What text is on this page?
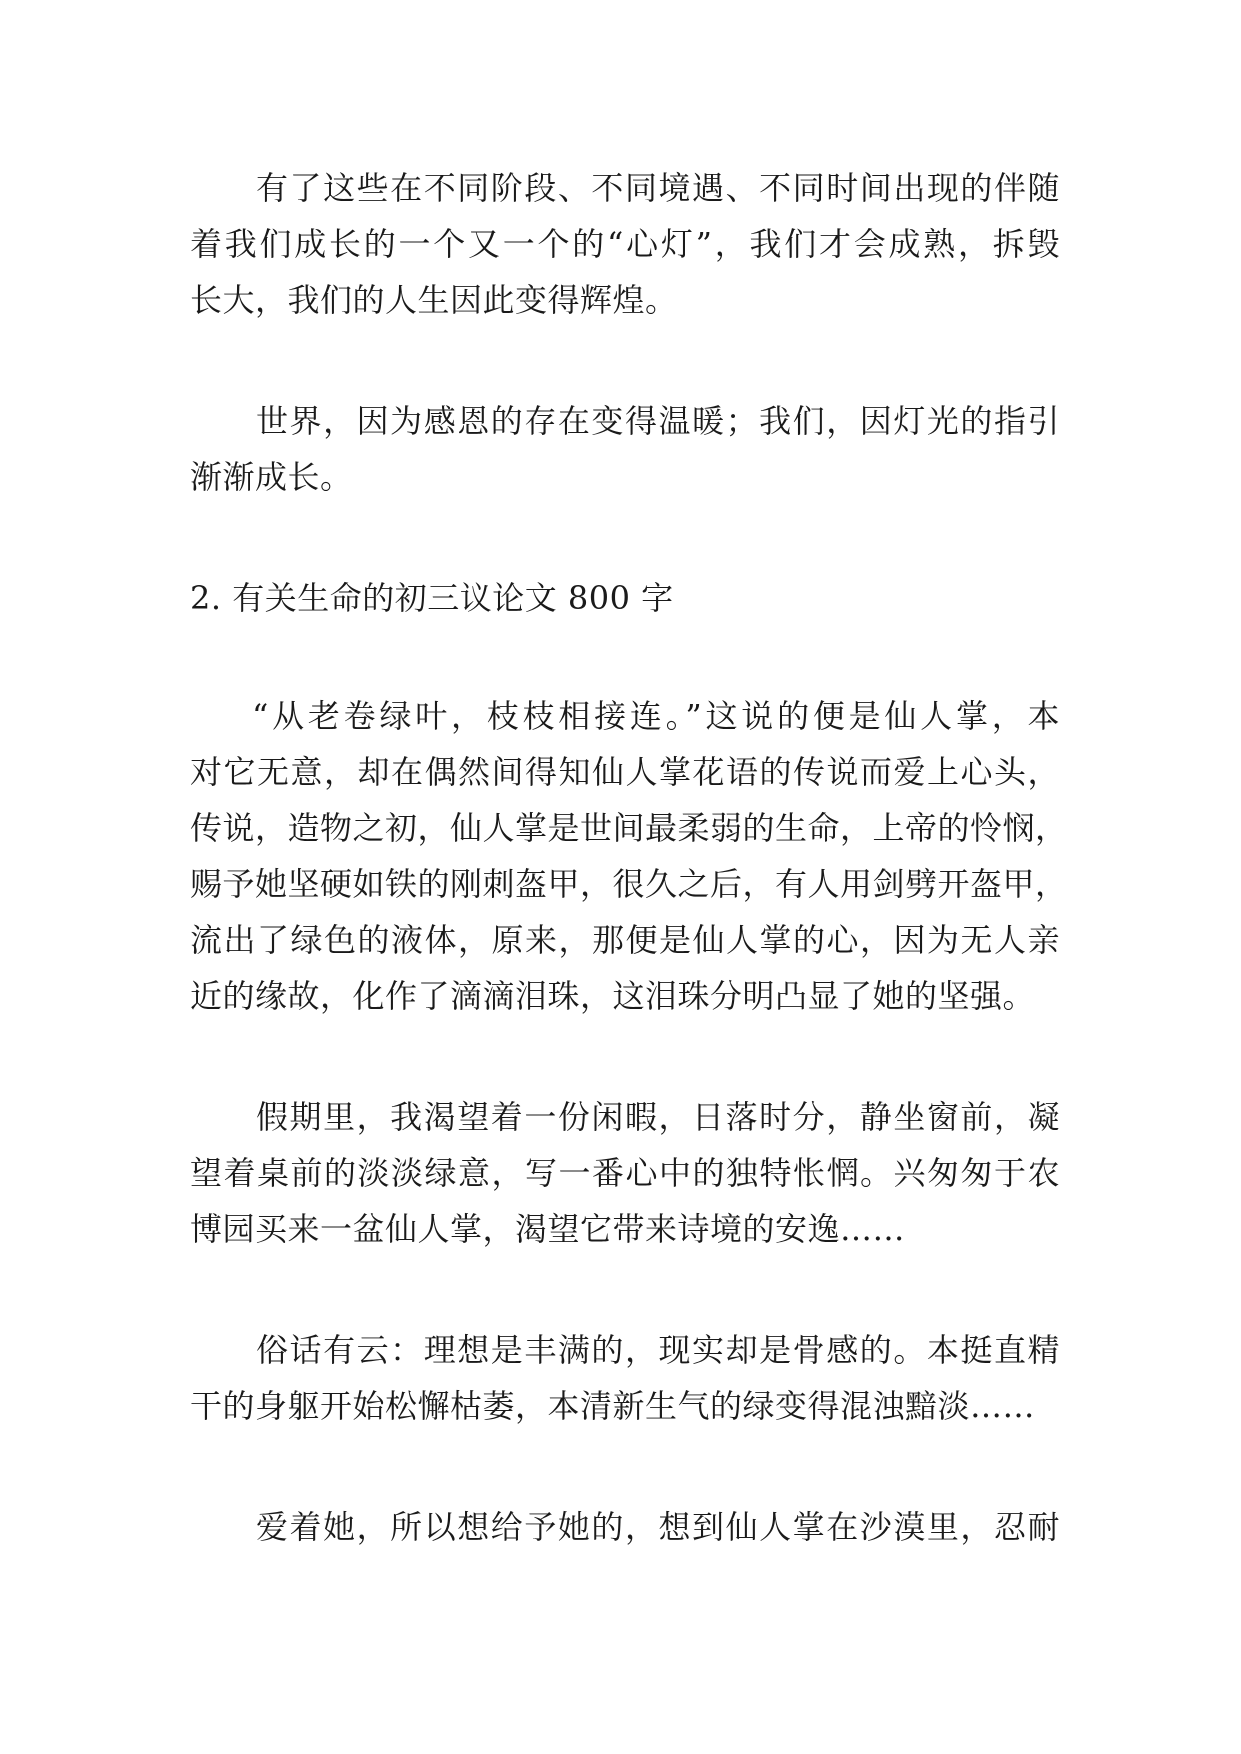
有了这些在不同阶段、不同境遇、不同时间出现的伴随
着我们成长的一个又一个的“心灯”，我们才会成熟，拆毁
长大，我们的人生因此变得辉煌。
世界，因为感恩的存在变得温暖；我们，因灯光的指引
渐渐成长。
2. 有关生命的初三议论文 800 字
“从老卷绿叶，枝枝相接连。”这说的便是仙人掌，本
对它无意，却在偶然间得知仙人掌花语的传说而爱上心头，
传说，造物之初，仙人掌是世间最柔弱的生命，上帝的怜悯，
赐予她坚硬如铁的刚刺盔甲，很久之后，有人用剑劈开盔甲，
流出了绿色的液体，原来，那便是仙人掌的心，因为无人亲
近的缘故，化作了滴滴泪珠，这泪珠分明凸显了她的坚强。
假期里，我渴望着一份闲暇，日落时分，静坐窗前，凝
望着桌前的淡淡绿意，写一番心中的独特怅惘。兴匆匆于农
博园买来一盆仙人掌，渴望它带来诗境的安逸……
俗话有云：理想是丰满的，现实却是骨感的。本挺直精
干的身躯开始松懈枯萎，本清新生气的绿变得混浊黯淡……
爱着她，所以想给予她的，想到仙人掌在沙漠里，忍耐
